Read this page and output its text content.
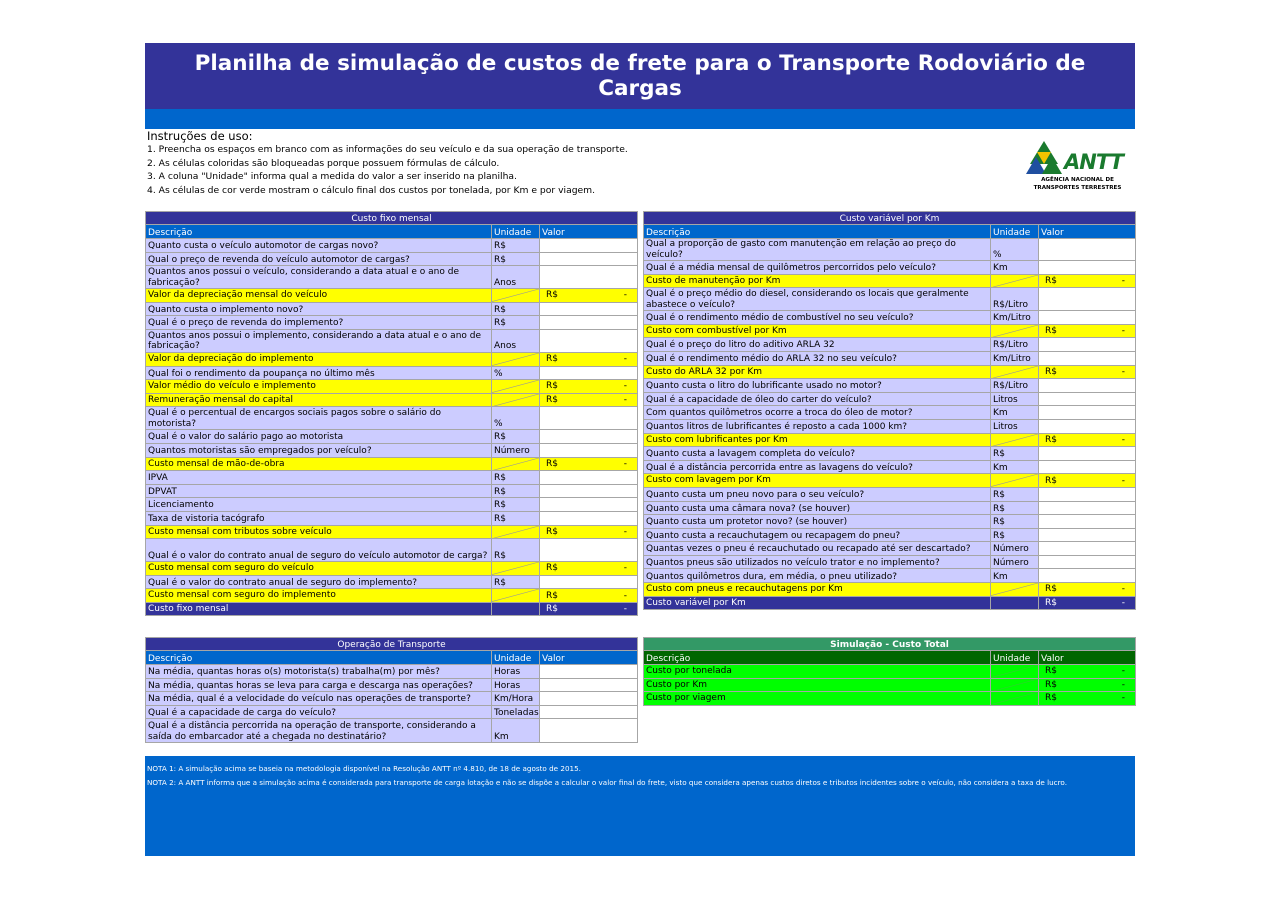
Planilha de simulação de custos de frete para o Transporte Rodoviário de Cargas
Instruções de uso:
1. Preencha os espaços em branco com as informações do seu veículo e da sua operação de transporte.
2. As células coloridas são bloqueadas porque possuem fórmulas de cálculo.
3. A coluna "Unidade" informa qual a medida do valor a ser inserido na planilha.
4. As células de cor verde mostram o cálculo final dos custos por tonelada, por Km e por viagem.
ANTT
AGÊNCIA NACIONAL DE
TRANSPORTES TERRESTRES
Custo fixo mensal		
Descrição	Unidade	Valor
Quanto custa o veículo automotor de cargas novo?	R$	
Qual o preço de revenda do veículo automotor de cargas?	R$	
Quantos anos possui o veículo, considerando a data atual e o ano de fabricação?	Anos	
Valor da depreciação mensal do veículo		R$ -

Quanto custa o implemento novo?	R$	
Qual é o preço de revenda do implemento?	R$	
Quantos anos possui o implemento, considerando a data atual e o ano de fabricação?	Anos	
Valor da depreciação do implemento		R$ -

Qual foi o rendimento da poupança no último mês	%	
Valor médio do veículo e implemento		R$ -

Remuneração mensal do capital		R$ -

Qual é o percentual de encargos sociais pagos sobre o salário do motorista?	%	
Qual é o valor do salário pago ao motorista	R$	
Quantos motoristas são empregados por veículo?	Número	
Custo mensal de mão-de-obra		R$ -

IPVA	R$	
DPVAT	R$	
Licenciamento	R$	
Taxa de vistoria tacógrafo	R$	
Custo mensal com tributos sobre veículo		R$ -

Qual é o valor do contrato anual de seguro do veículo automotor de carga?	R$	
Custo mensal com seguro do veículo		R$ -

Qual é o valor do contrato anual de seguro do implemento?	R$	
Custo mensal com seguro do implemento		R$ -

Custo fixo mensal		R$ -
Custo variável por Km		
Descrição	Unidade	Valor
Qual a proporção de gasto com manutenção em relação ao preço do veículo?	%	
Qual é a média mensal de quilômetros percorridos pelo veículo?	Km	
Custo de manutenção por Km		R$ -

Qual é o preço médio do diesel, considerando os locais que geralmente abastece o veículo?	R$/Litro	
Qual é o rendimento médio de combustível no seu veículo?	Km/Litro	
Custo com combustível por Km		R$ -

Qual é o preço do litro do aditivo ARLA 32	R$/Litro	
Qual é o rendimento médio do ARLA 32 no seu veículo?	Km/Litro	
Custo do ARLA 32 por Km		R$ -

Quanto custa o litro do lubrificante usado no motor?	R$/Litro	
Qual é a capacidade de óleo do carter do veículo?	Litros	
Com quantos quilômetros ocorre a troca do óleo de motor?	Km	
Quantos litros de lubrificantes é reposto a cada 1000 km?	Litros	
Custo com lubrificantes por Km		R$ -

Quanto custa a lavagem completa do veículo?	R$	
Qual é a distância percorrida entre as lavagens do veículo?	Km	
Custo com lavagem por Km		R$ -

Quanto custa um pneu novo para o seu veículo?	R$	
Quanto custa uma câmara nova? (se houver)	R$	
Quanto custa um protetor novo? (se houver)	R$	
Quanto custa a recauchutagem ou recapagem do pneu?	R$	
Quantas vezes o pneu é recauchutado ou recapado até ser descartado?	Número	
Quantos pneus são utilizados no veículo trator e no implemento?	Número	
Quantos quilômetros dura, em média, o pneu utilizado?	Km	
Custo com pneus e recauchutagens por Km		R$ -

Custo variável por Km		R$ -
Operação de Transporte		
Descrição	Unidade	Valor
Na média, quantas horas o(s) motorista(s) trabalha(m) por mês?	Horas	
Na média, quantas horas se leva para carga e descarga nas operações?	Horas	
Na média, qual é a velocidade do veículo nas operações de transporte?	Km/Hora	
Qual é a capacidade de carga do veículo?	Toneladas	
Qual é a distância percorrida na operação de transporte, considerando a saída do embarcador até a chegada no destinatário?	Km	
Simulação - Custo Total		
Descrição	Unidade	Valor
Custo por tonelada		R$ -

Custo por Km		R$ -

Custo por viagem		R$ -
NOTA 1: A simulação acima se baseia na metodologia disponível na Resolução ANTT nº 4.810, de 18 de agosto de 2015.
NOTA 2: A ANTT informa que a simulação acima é considerada para transporte de carga lotação e não se dispõe a calcular o valor final do frete, visto que considera apenas custos diretos e tributos incidentes sobre o veículo, não considera a taxa de lucro.
